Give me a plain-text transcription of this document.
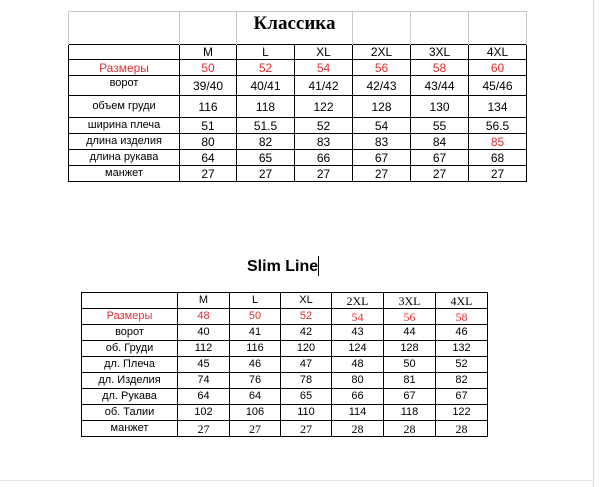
		Классика				
	M	L	XL	2XL	3XL	4XL
Размеры	50	52	54	56	58	60
ворот	39/40	40/41	41/42	42/43	43/44	45/46
объем груди	116	118	122	128	130	134
ширина плеча	51	51.5	52	54	55	56.5
длина изделия	80	82	83	83	84	85
длина рукава	64	65	66	67	67	68
манжет	27	27	27	27	27	27
Slim Line
	M	L	XL	2XL	3XL	4XL
Размеры	48	50	52	54	56	58
ворот	40	41	42	43	44	46
об. Груди	112	116	120	124	128	132
дл. Плеча	45	46	47	48	50	52
дл. Изделия	74	76	78	80	81	82
дл. Рукава	64	64	65	66	67	67
об. Талии	102	106	110	114	118	122
манжет	27	27	27	28	28	28
